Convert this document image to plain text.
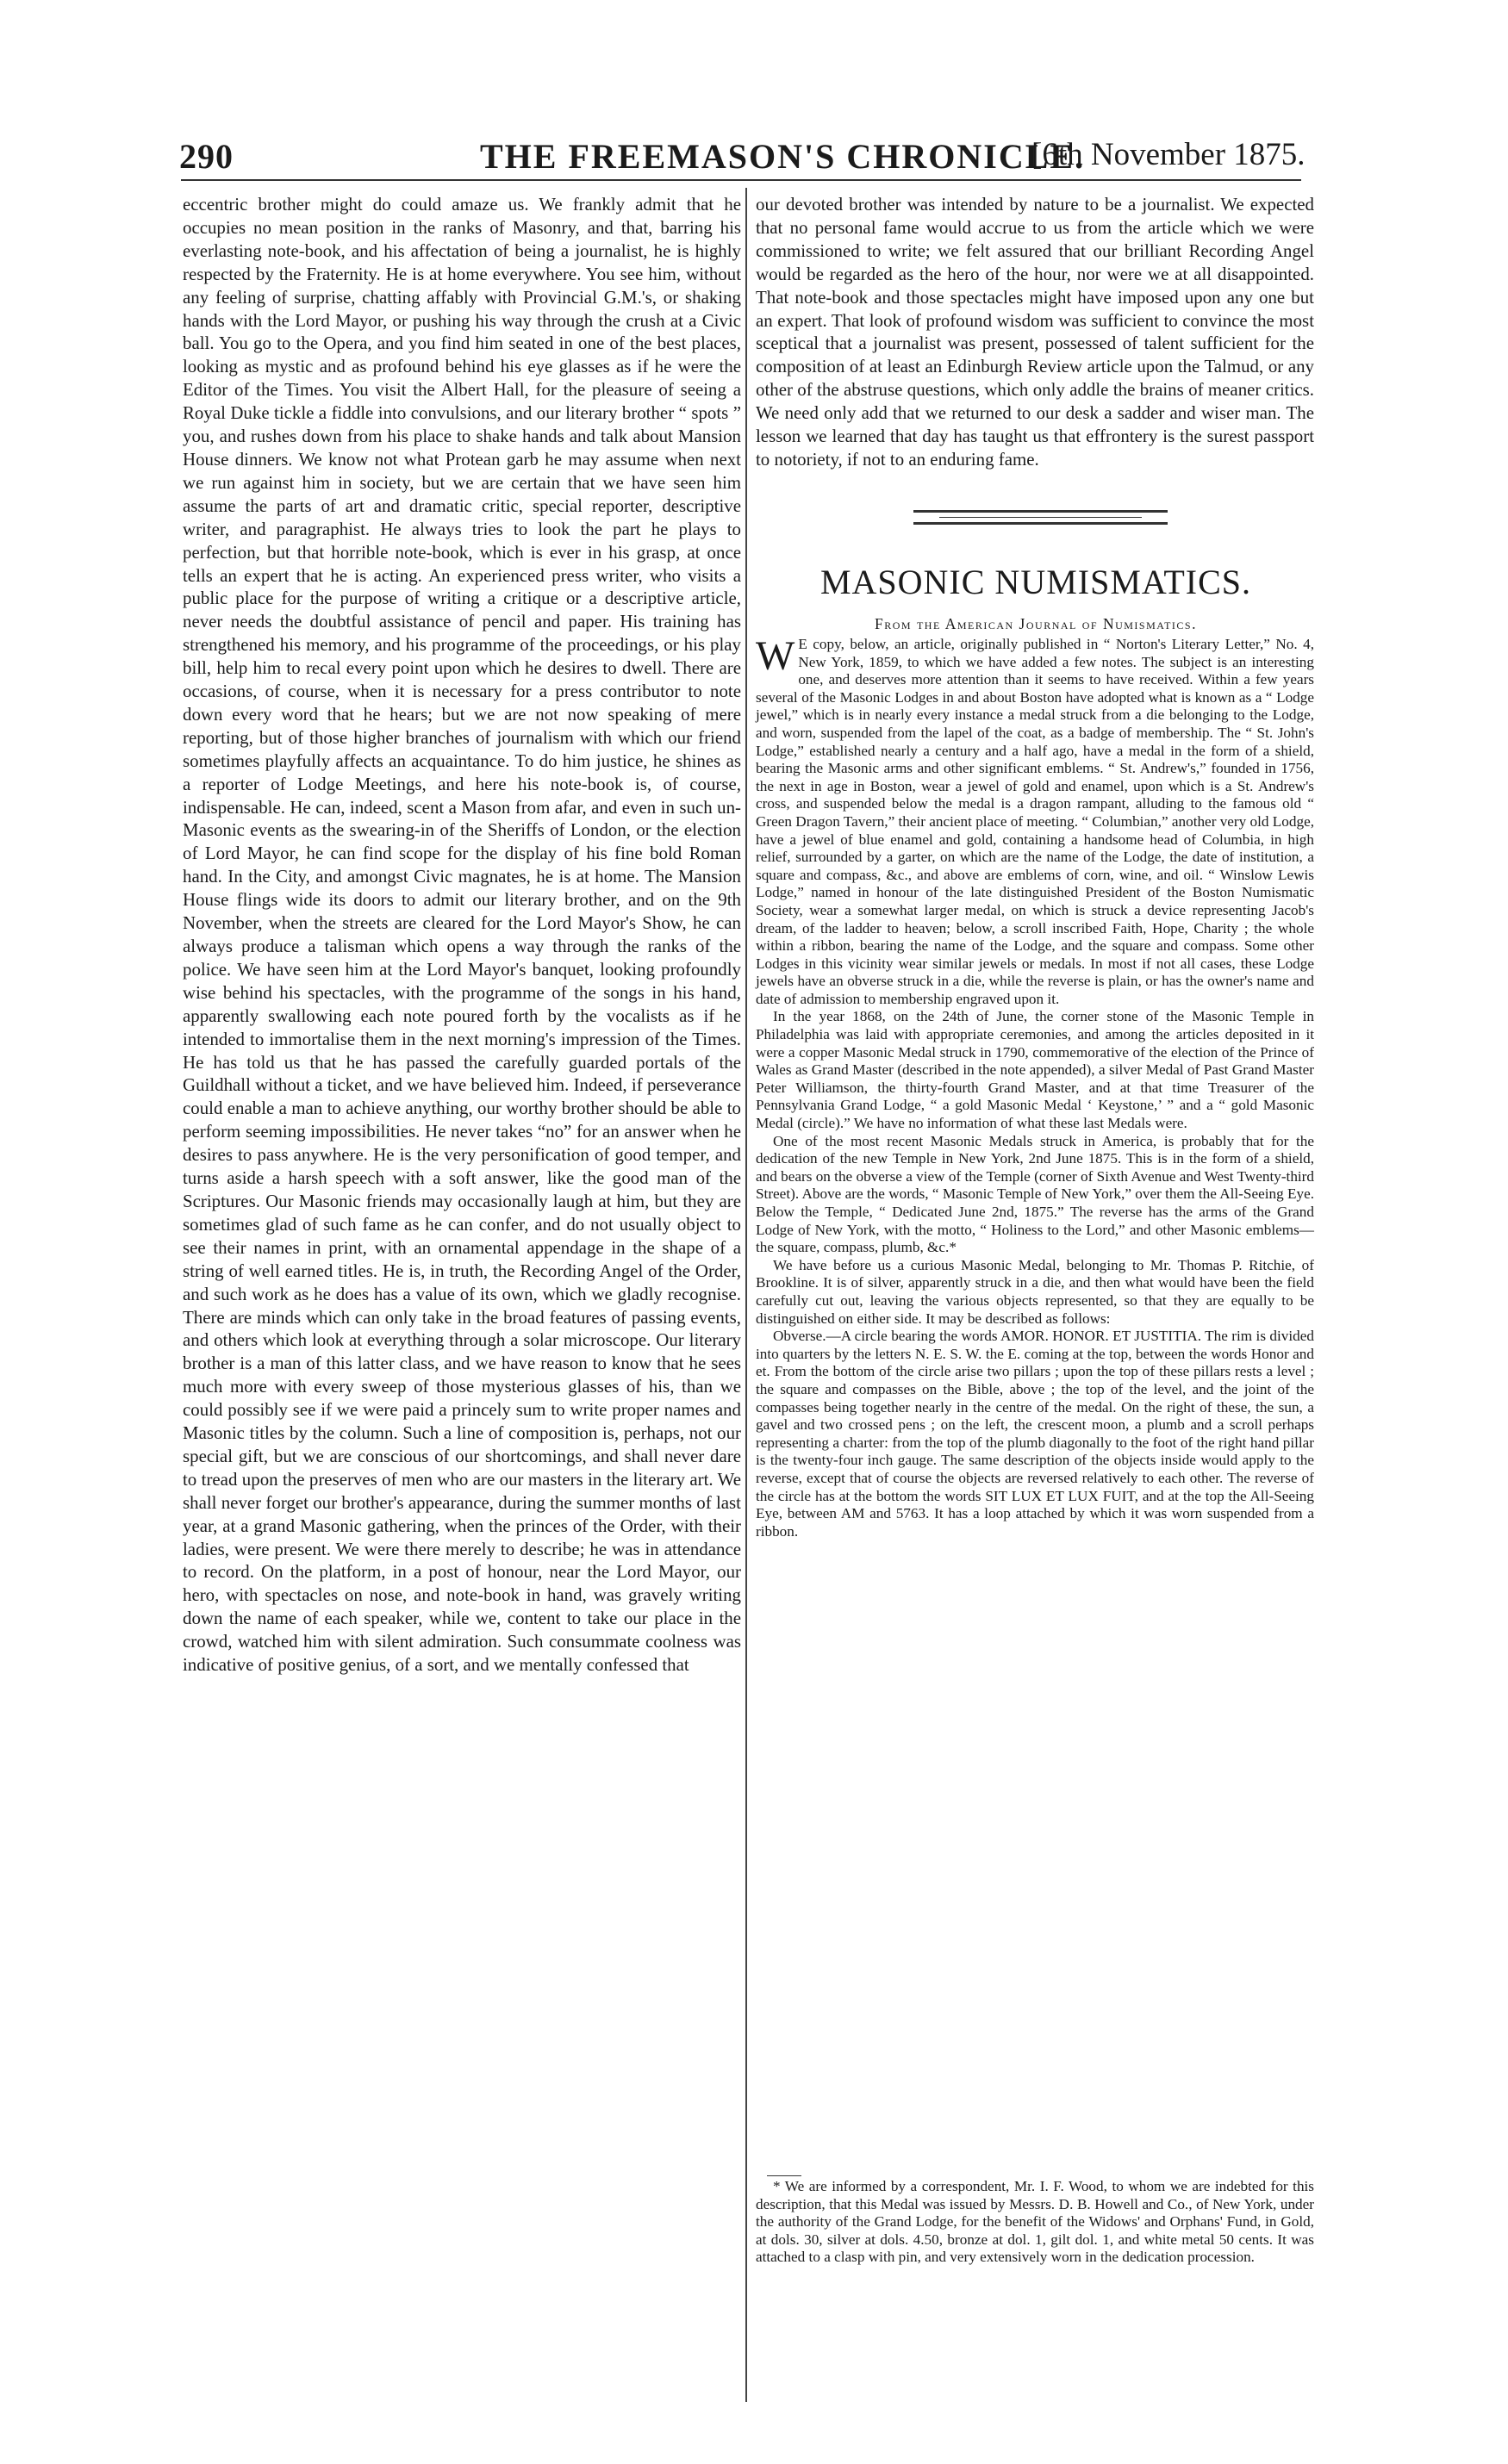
290	THE FREEMASON'S CHRONICLE.
[6th November 1875.

eccentric brother might do could amaze us. We frankly admit that he occupies no mean position in the ranks of Masonry, and that, barring his everlasting note-book, and his affectation of being a journalist, he is highly respected by the Fraternity. He is at home everywhere. You see him, without any feeling of surprise, chatting affably with Provincial G.M.'s, or shaking hands with the Lord Mayor, or pushing his way through the crush at a Civic ball. You go to the Opera, and you find him seated in one of the best places, looking as mystic and as profound behind his eye glasses as if he were the Editor of the Times. You visit the Albert Hall, for the pleasure of seeing a Royal Duke tickle a fiddle into convulsions, and our literary brother “ spots ” you, and rushes down from his place to shake hands and talk about Mansion House dinners. We know not what Protean garb he may assume when next we run against him in society, but we are certain that we have seen him assume the parts of art and dramatic critic, special reporter, descriptive writer, and paragraphist. He always tries to look the part he plays to perfection, but that horrible note-book, which is ever in his grasp, at once tells an expert that he is acting. An experienced press writer, who visits a public place for the purpose of writing a critique or a descriptive article, never needs the doubtful assistance of pencil and paper. His training has strengthened his memory, and his programme of the proceedings, or his play bill, help him to recal every point upon which he desires to dwell. There are occasions, of course, when it is necessary for a press contributor to note down every word that he hears; but we are not now speaking of mere reporting, but of those higher branches of journalism with which our friend sometimes playfully affects an acquaintance. To do him justice, he shines as a reporter of Lodge Meetings, and here his note-book is, of course, indispensable. He can, indeed, scent a Mason from afar, and even in such un-Masonic events as the swearing-in of the Sheriffs of London, or the election of Lord Mayor, he can find scope for the display of his fine bold Roman hand. In the City, and amongst Civic magnates, he is at home. The Mansion House flings wide its doors to admit our literary brother, and on the 9th November, when the streets are cleared for the Lord Mayor's Show, he can always produce a talisman which opens a way through the ranks of the police. We have seen him at the Lord Mayor's banquet, looking profoundly wise behind his spectacles, with the programme of the songs in his hand, apparently swallowing each note poured forth by the vocalists as if he intended to immortalise them in the next morning's impression of the Times. He has told us that he has passed the carefully guarded portals of the Guildhall without a ticket, and we have believed him. Indeed, if perseverance could enable a man to achieve anything, our worthy brother should be able to perform seeming impossibilities. He never takes “no” for an answer when he desires to pass anywhere. He is the very personification of good temper, and turns aside a harsh speech with a soft answer, like the good man of the Scriptures. Our Masonic friends may occasionally laugh at him, but they are sometimes glad of such fame as he can confer, and do not usually object to see their names in print, with an ornamental appendage in the shape of a string of well earned titles. He is, in truth, the Recording Angel of the Order, and such work as he does has a value of its own, which we gladly recognise. There are minds which can only take in the broad features of passing events, and others which look at everything through a solar microscope. Our literary brother is a man of this latter class, and we have reason to know that he sees much more with every sweep of those mysterious glasses of his, than we could possibly see if we were paid a princely sum to write proper names and Masonic titles by the column. Such a line of composition is, perhaps, not our special gift, but we are conscious of our shortcomings, and shall never dare to tread upon the preserves of men who are our masters in the literary art. We shall never forget our brother's appearance, during the summer months of last year, at a grand Masonic gathering, when the princes of the Order, with their ladies, were present. We were there merely to describe; he was in attendance to record. On the platform, in a post of honour, near the Lord Mayor, our hero, with spectacles on nose, and note-book in hand, was gravely writing down the name of each speaker, while we, content to take our place in the crowd, watched him with silent admiration. Such consummate coolness was indicative of positive genius, of a sort, and we mentally confessed that

our devoted brother was intended by nature to be a journalist. We expected that no personal fame would accrue to us from the article which we were commissioned to write; we felt assured that our brilliant Recording Angel would be regarded as the hero of the hour, nor were we at all disappointed. That note-book and those spectacles might have imposed upon any one but an expert. That look of profound wisdom was sufficient to convince the most sceptical that a journalist was present, possessed of talent sufficient for the composition of at least an Edinburgh Review article upon the Talmud, or any other of the abstruse questions, which only addle the brains of meaner critics. We need only add that we returned to our desk a sadder and wiser man. The lesson we learned that day has taught us that effrontery is the surest passport to notoriety, if not to an enduring fame.

MASONIC NUMISMATICS.
From the American Journal of Numismatics.

W E copy, below, an article, originally published in “ Norton's Literary Letter,” No. 4, New York, 1859, to which we have added a few notes. The subject is an interesting one, and deserves more attention than it seems to have received. Within a few years several of the Masonic Lodges in and about Boston have adopted what is known as a “ Lodge jewel,” which is in nearly every instance a medal struck from a die belonging to the Lodge, and worn, suspended from the lapel of the coat, as a badge of membership. The “ St. John's Lodge,” established nearly a century and a half ago, have a medal in the form of a shield, bearing the Masonic arms and other significant emblems. “ St. Andrew's,” founded in 1756, the next in age in Boston, wear a jewel of gold and enamel, upon which is a St. Andrew's cross, and suspended below the medal is a dragon rampant, alluding to the famous old “ Green Dragon Tavern,” their ancient place of meeting. “ Columbian,” another very old Lodge, have a jewel of blue enamel and gold, containing a handsome head of Columbia, in high relief, surrounded by a garter, on which are the name of the Lodge, the date of institution, a square and compass, &c., and above are emblems of corn, wine, and oil. “ Winslow Lewis Lodge,” named in honour of the late distinguished President of the Boston Numismatic Society, wear a somewhat larger medal, on which is struck a device representing Jacob's dream, of the ladder to heaven; below, a scroll inscribed Faith, Hope, Charity ; the whole within a ribbon, bearing the name of the Lodge, and the square and compass. Some other Lodges in this vicinity wear similar jewels or medals. In most if not all cases, these Lodge jewels have an obverse struck in a die, while the reverse is plain, or has the owner's name and date of admission to membership engraved upon it.

In the year 1868, on the 24th of June, the corner stone of the Masonic Temple in Philadelphia was laid with appropriate ceremonies, and among the articles deposited in it were a copper Masonic Medal struck in 1790, commemorative of the election of the Prince of Wales as Grand Master (described in the note appended), a silver Medal of Past Grand Master Peter Williamson, the thirty-fourth Grand Master, and at that time Treasurer of the Pennsylvania Grand Lodge, “ a gold Masonic Medal ‘ Keystone,’ ” and a “ gold Masonic Medal (circle).” We have no information of what these last Medals were.

One of the most recent Masonic Medals struck in America, is probably that for the dedication of the new Temple in New York, 2nd June 1875. This is in the form of a shield, and bears on the obverse a view of the Temple (corner of Sixth Avenue and West Twenty-third Street). Above are the words, “ Masonic Temple of New York,” over them the All-Seeing Eye. Below the Temple, “ Dedicated June 2nd, 1875.” The reverse has the arms of the Grand Lodge of New York, with the motto, “ Holiness to the Lord,” and other Masonic emblems—the square, compass, plumb, &c.*

We have before us a curious Masonic Medal, belonging to Mr. Thomas P. Ritchie, of Brookline. It is of silver, apparently struck in a die, and then what would have been the field carefully cut out, leaving the various objects represented, so that they are equally to be distinguished on either side. It may be described as follows:

Obverse.—A circle bearing the words AMOR. HONOR. ET JUSTITIA. The rim is divided into quarters by the letters N. E. S. W. the E. coming at the top, between the words Honor and et. From the bottom of the circle arise two pillars ; upon the top of these pillars rests a level ; the square and compasses on the Bible, above ; the top of the level, and the joint of the compasses being together nearly in the centre of the medal. On the right of these, the sun, a gavel and two crossed pens ; on the left, the crescent moon, a plumb and a scroll perhaps representing a charter: from the top of the plumb diagonally to the foot of the right hand pillar is the twenty-four inch gauge. The same description of the objects inside would apply to the reverse, except that of course the objects are reversed relatively to each other. The reverse of the circle has at the bottom the words SIT LUX ET LUX FUIT, and at the top the All-Seeing Eye, between AM and 5763. It has a loop attached by which it was worn suspended from a ribbon.

* We are informed by a correspondent, Mr. I. F. Wood, to whom we are indebted for this description, that this Medal was issued by Messrs. D. B. Howell and Co., of New York, under the authority of the Grand Lodge, for the benefit of the Widows' and Orphans' Fund, in Gold, at dols. 30, silver at dols. 4.50, bronze at dol. 1, gilt dol. 1, and white metal 50 cents. It was attached to a clasp with pin, and very extensively worn in the dedication procession.
